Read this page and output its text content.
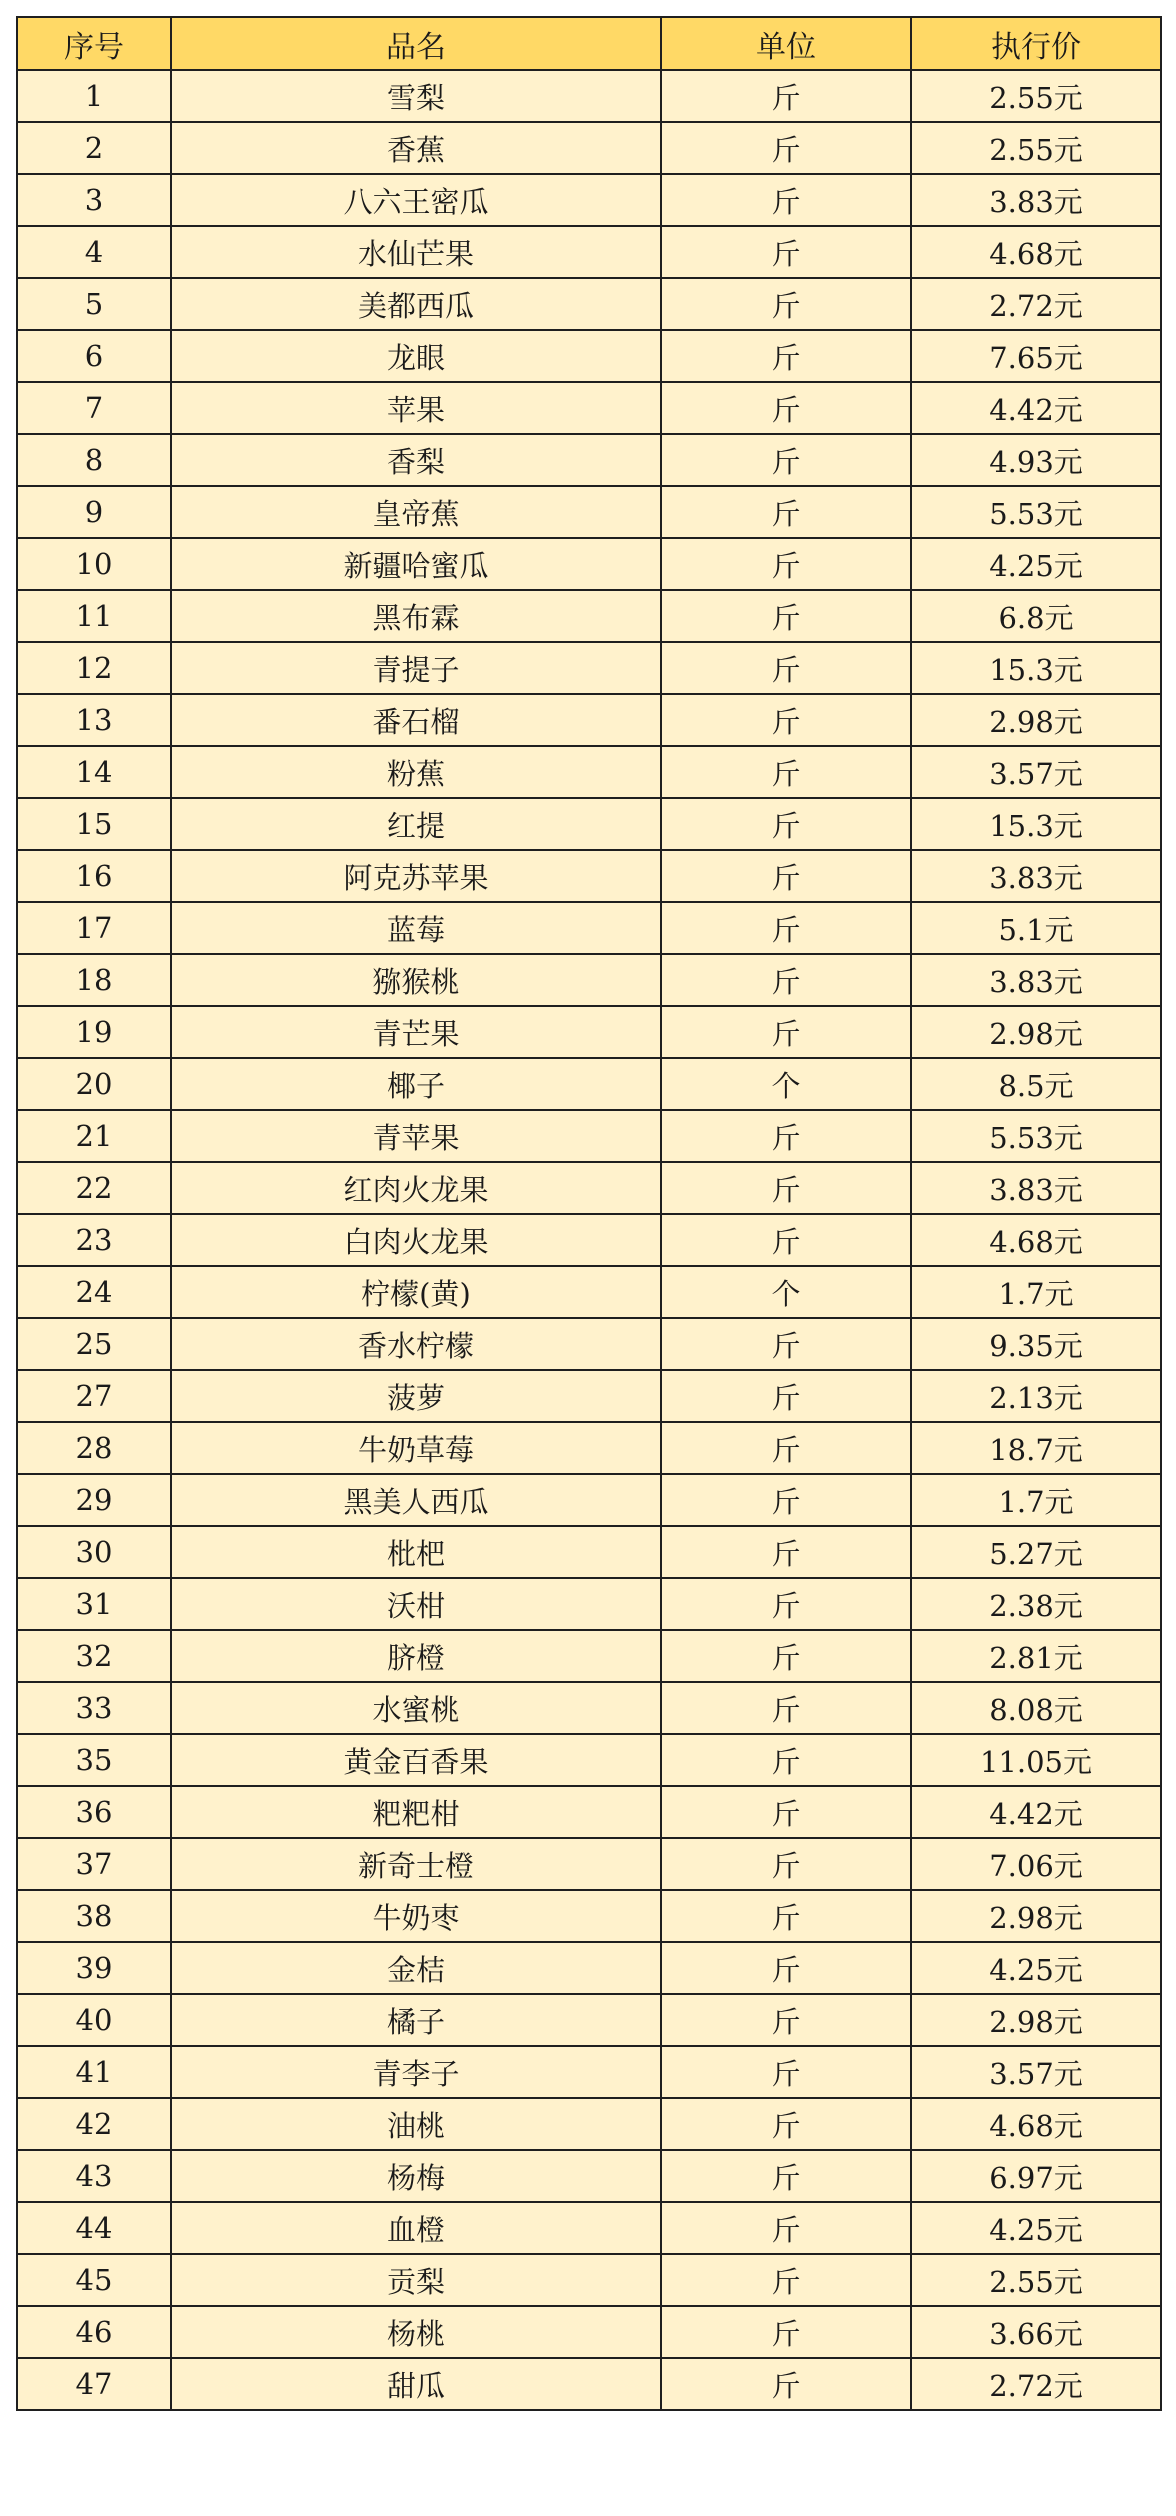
序号	品名	单位	执行价
1	雪梨	斤	2.55元
2	香蕉	斤	2.55元
3	八六王密瓜	斤	3.83元
4	水仙芒果	斤	4.68元
5	美都西瓜	斤	2.72元
6	龙眼	斤	7.65元
7	苹果	斤	4.42元
8	香梨	斤	4.93元
9	皇帝蕉	斤	5.53元
10	新疆哈蜜瓜	斤	4.25元
11	黑布霖	斤	6.8元
12	青提子	斤	15.3元
13	番石榴	斤	2.98元
14	粉蕉	斤	3.57元
15	红提	斤	15.3元
16	阿克苏苹果	斤	3.83元
17	蓝莓	斤	5.1元
18	猕猴桃	斤	3.83元
19	青芒果	斤	2.98元
20	椰子	个	8.5元
21	青苹果	斤	5.53元
22	红肉火龙果	斤	3.83元
23	白肉火龙果	斤	4.68元
24	柠檬(黄)	个	1.7元
25	香水柠檬	斤	9.35元
27	菠萝	斤	2.13元
28	牛奶草莓	斤	18.7元
29	黑美人西瓜	斤	1.7元
30	枇杷	斤	5.27元
31	沃柑	斤	2.38元
32	脐橙	斤	2.81元
33	水蜜桃	斤	8.08元
35	黄金百香果	斤	11.05元
36	粑粑柑	斤	4.42元
37	新奇士橙	斤	7.06元
38	牛奶枣	斤	2.98元
39	金桔	斤	4.25元
40	橘子	斤	2.98元
41	青李子	斤	3.57元
42	油桃	斤	4.68元
43	杨梅	斤	6.97元
44	血橙	斤	4.25元
45	贡梨	斤	2.55元
46	杨桃	斤	3.66元
47	甜瓜	斤	2.72元
